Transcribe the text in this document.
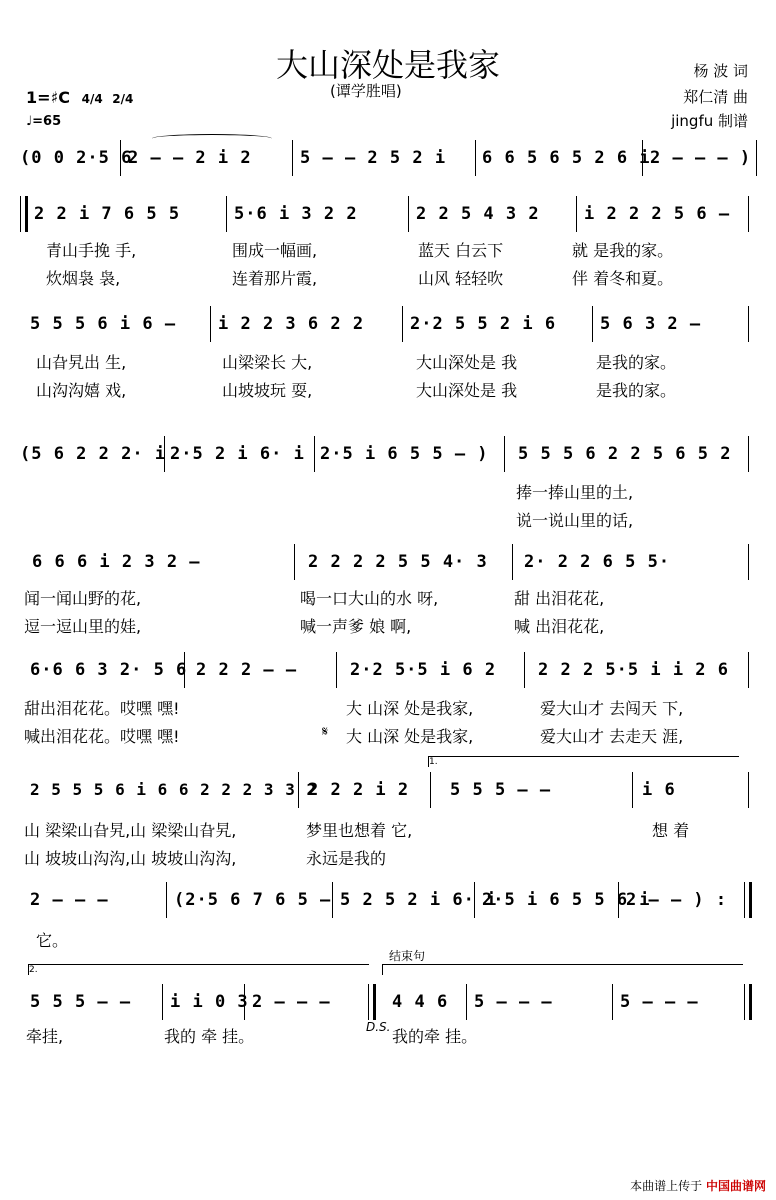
大山深处是我家
(谭学胜唱)
杨 波 词
郑仁清 曲
jingfu 制谱
1=♯C 4/4 2/4
♩=65
(0 0 2·5 6
2 — — 2 i 2	5 — — 2 5 2 i 6 6 5 6 5 2 6 i 2 — — — )
2 2 i 7 6 5 5	5·6 i 3 2 2	2 2 5 4 3 2	i 2 2 2 5 6 —
青山手挽 手,	围成一幅画,	蓝天 白云下	就 是我的家。
炊烟袅 袅,	连着那片霞,	山风 轻轻吹	伴 着冬和夏。
5 5 5 6 i 6 — i 2 2 3 6 2 2	2·2 5 5 2 i 6	5 6 3 2 —
山旮旯出 生,	山梁梁长 大,	大山深处是 我	是我的家。
山沟沟嬉 戏,	山坡坡玩 耍,	大山深处是 我	是我的家。
(5 6 2 2 2· i 2·5 2 i 6· i 2·5 i 6 5 5 — ) 5 5 5 6 2 2 5 6 5 2
捧一捧山里的土,
说一说山里的话,
6 6 6 i 2 3 2 —	2 2 2 2 5 5 4· 3 2· 2 2 6 5 5·
闻一闻山野的花,	喝一口大山的水 呀,	甜 出泪花花,
逗一逗山里的娃,	喊一声爹 娘 啊,	喊 出泪花花,
6·6 6 3 2· 5 6 2 2 2 — —	2·2 5·5 i 6 2 2 2 2 5·5 i i 2 6
甜出泪花花。哎嘿 嘿!	大 山深 处是我家,	爱大山才 去闯天 下,
喊出泪花花。哎嘿 嘿!	𝄋 大 山深 处是我家,	爱大山才 去走天 涯,
1.
2 5 5 5 6 i 6 6 2 2 2 3 3 2
2 2 2 i 2 5 5 5 — —	i 6
山 梁梁山旮旯,山 梁梁山旮旯,	梦里也想着 它,	想 着
山 坡坡山沟沟,山 坡坡山沟沟,	永远是我的
2 — — —	(2·5 6 7 6 5 — 5 2 5 2 i 6· i
2·5 i 6 5 5 6 i
2 — — ) :
它。
2.
结束句
5 5 5 — — i i 0 3 2 — — —	4 4 6 5 — — —	5 — — —
牵挂,	我的 牵 挂。	D.S. 我的牵 挂。
本曲谱上传于 中国曲谱网
